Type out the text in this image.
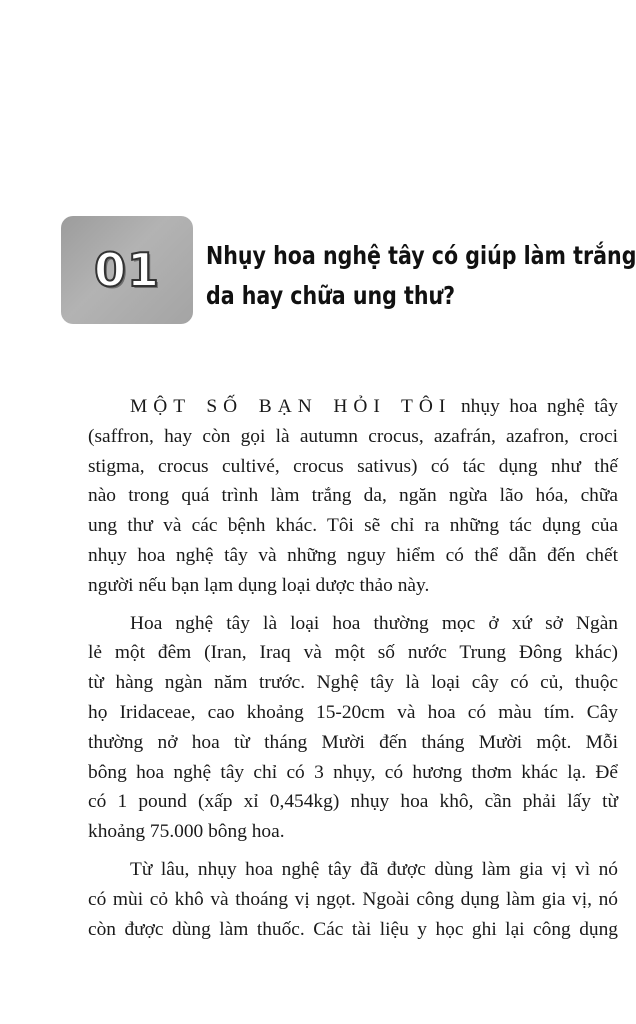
01 Nhụy hoa nghệ tây có giúp làm trắng
da hay chữa ung thư?
MỘT SỐ BẠN HỎI TÔI nhụy hoa nghệ tây
(saffron, hay còn gọi là autumn crocus, azafrán, azafron, croci
stigma, crocus cultivé, crocus sativus) có tác dụng như thế
nào trong quá trình làm trắng da, ngăn ngừa lão hóa, chữa
ung thư và các bệnh khác. Tôi sẽ chỉ ra những tác dụng của
nhụy hoa nghệ tây và những nguy hiểm có thể dẫn đến chết
người nếu bạn lạm dụng loại dược thảo này.
Hoa nghệ tây là loại hoa thường mọc ở xứ sở Ngàn
lẻ một đêm (Iran, Iraq và một số nước Trung Đông khác)
từ hàng ngàn năm trước. Nghệ tây là loại cây có củ, thuộc
họ Iridaceae, cao khoảng 15-20cm và hoa có màu tím. Cây
thường nở hoa từ tháng Mười đến tháng Mười một. Mỗi
bông hoa nghệ tây chỉ có 3 nhụy, có hương thơm khác lạ. Để
có 1 pound (xấp xỉ 0,454kg) nhụy hoa khô, cần phải lấy từ
khoảng 75.000 bông hoa.
Từ lâu, nhụy hoa nghệ tây đã được dùng làm gia vị vì nó
có mùi cỏ khô và thoáng vị ngọt. Ngoài công dụng làm gia vị, nó
còn được dùng làm thuốc. Các tài liệu y học ghi lại công dụng
